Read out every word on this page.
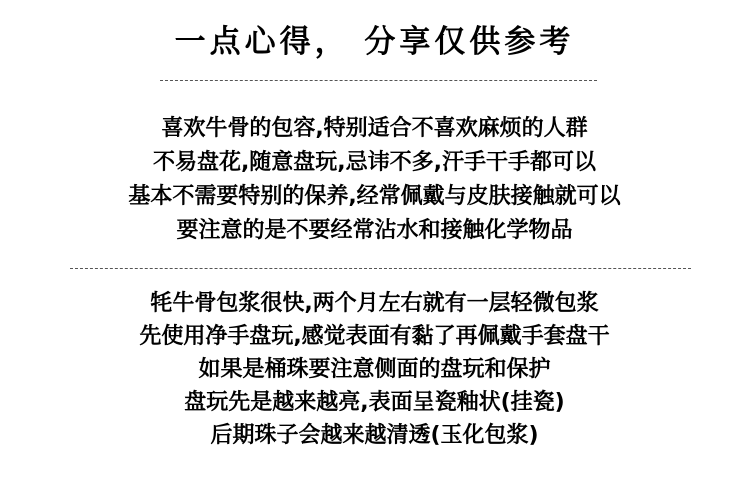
一点心得， 分享仅供参考
喜欢牛骨的包容,特别适合不喜欢麻烦的人群
不易盘花,随意盘玩,忌讳不多,汗手干手都可以
基本不需要特别的保养,经常佩戴与皮肤接触就可以
要注意的是不要经常沾水和接触化学物品
牦牛骨包浆很快,两个月左右就有一层轻微包浆
先使用净手盘玩,感觉表面有黏了再佩戴手套盘干
如果是桶珠要注意侧面的盘玩和保护
盘玩先是越来越亮,表面呈瓷釉状(挂瓷)
后期珠子会越来越清透(玉化包浆)
